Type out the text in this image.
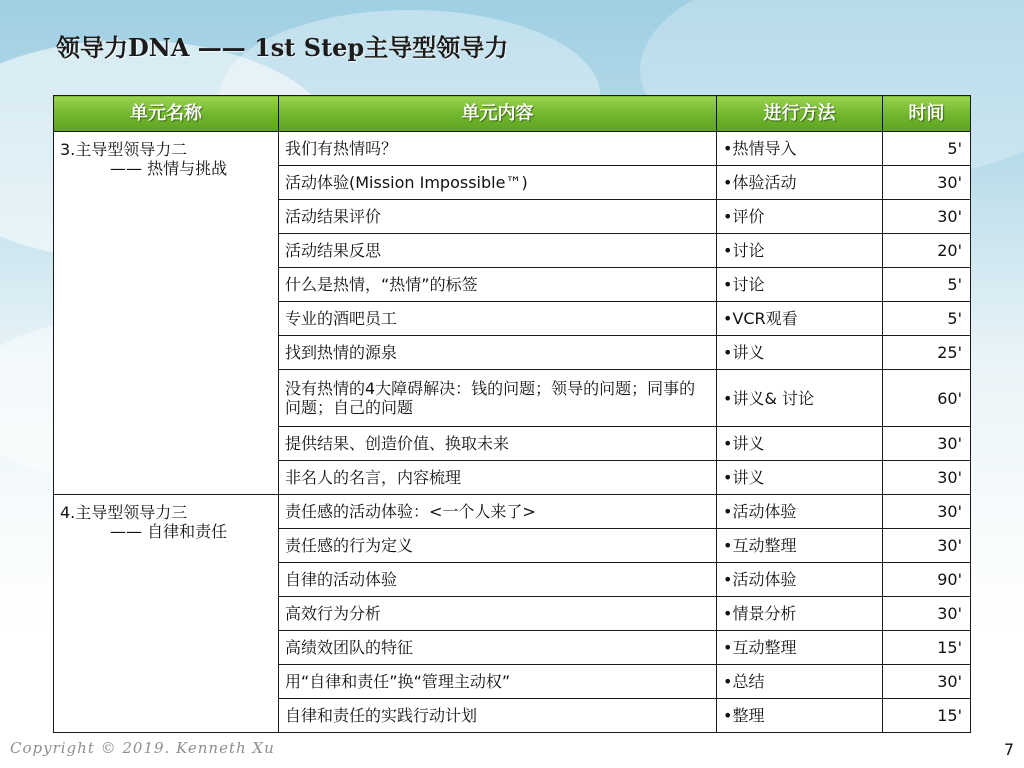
领导力DNA —— 1st Step主导型领导力
单元名称	单元内容	进行方法	时间
3.主导型领导力二

—— 热情与挑战	我们有热情吗？	•热情导入	5'
	活动体验(Mission Impossible™)	•体验活动	30'
	活动结果评价	•评价	30'
	活动结果反思	•讨论	20'
	什么是热情，“热情”的标签	•讨论	5'
	专业的酒吧员工	•VCR观看	5'
	找到热情的源泉	•讲义	25'
	没有热情的4大障碍解决：钱的问题；领导的问题；同事的问题；自己的问题	•讲义& 讨论	60'
	提供结果、创造价值、换取未来	•讲义	30'
	非名人的名言，内容梳理	•讲义	30'
4.主导型领导力三

—— 自律和责任	责任感的活动体验：<一个人来了>	•活动体验	30'
	责任感的行为定义	•互动整理	30'
	自律的活动体验	•活动体验	90'
	高效行为分析	•情景分析	30'
	高绩效团队的特征	•互动整理	15'
	用“自律和责任”换“管理主动权”	•总结	30'
	自律和责任的实践行动计划	•整理	15'
Copyright © 2019. Kenneth Xu	7
